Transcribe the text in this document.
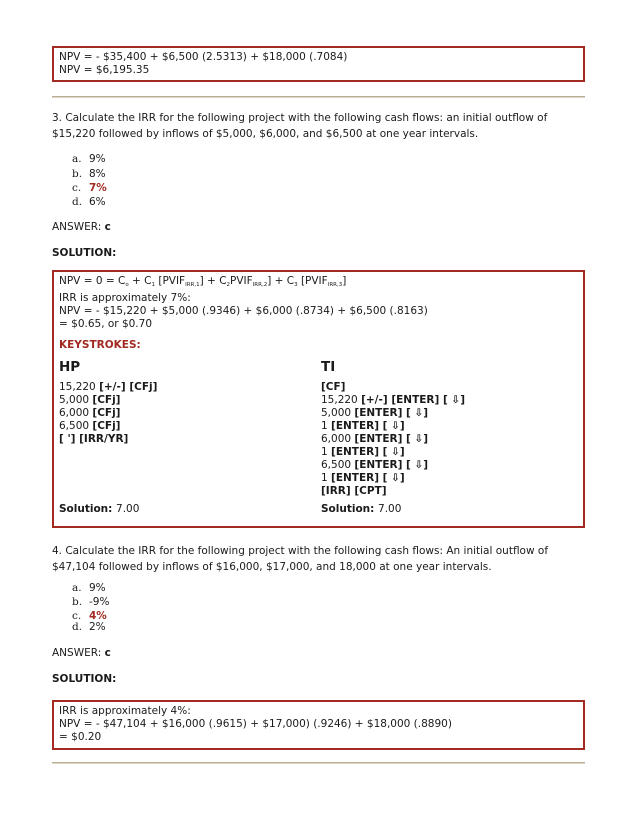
NPV = - $35,400 + $6,500 (2.5313) + $18,000 (.7084)
NPV = $6,195.35

3. Calculate the IRR for the following project with the following cash flows: an initial outflow of $15,220 followed by inflows of $5,000, $6,000, and $6,500 at one year intervals.

a. 9%
b. 8%
c. 7%
d. 6%

ANSWER: c

SOLUTION:

NPV = $0 = C_o + C_1$ $[PVIF_{IRR,1}]$ + $C_2PVIF_{IRR,2}] + C_3$ $[PVIF_{IRR,3}]$
IRR is approximately 7%:
NPV = - $15,220 + $5,000 (.9346) + $6,000 (.8734) + $6,500 (.8163)
= $0.65, or $0.70
KEYSTROKES:
HP
15,220 [+/-] [CFj]
5,000 [CFj]
6,000 [CFj]
6,500 [CFj]
[ '] [IRR/YR]
TI
[CF]
15,220 [+/-] [ENTER] [ ⇩]
5,000 [ENTER] [ ⇩]
1 [ENTER] [ ⇩]
6,000 [ENTER] [ ⇩]
1 [ENTER] [ ⇩]
6,500 [ENTER] [ ⇩]
1 [ENTER] [ ⇩]
[IRR] [CPT]
Solution: 7.00	Solution: 7.00

4. Calculate the IRR for the following project with the following cash flows: An initial outflow of $47,104 followed by inflows of $16,000, $17,000, and 18,000 at one year intervals.

a. 9%
b. -9%
c. 4%
d. 2%

ANSWER: c

SOLUTION:

IRR is approximately 4%:
NPV = - $47,104 + $16,000 (.9615) + $17,000) (.9246) + $18,000 (.8890)
= $0.20
